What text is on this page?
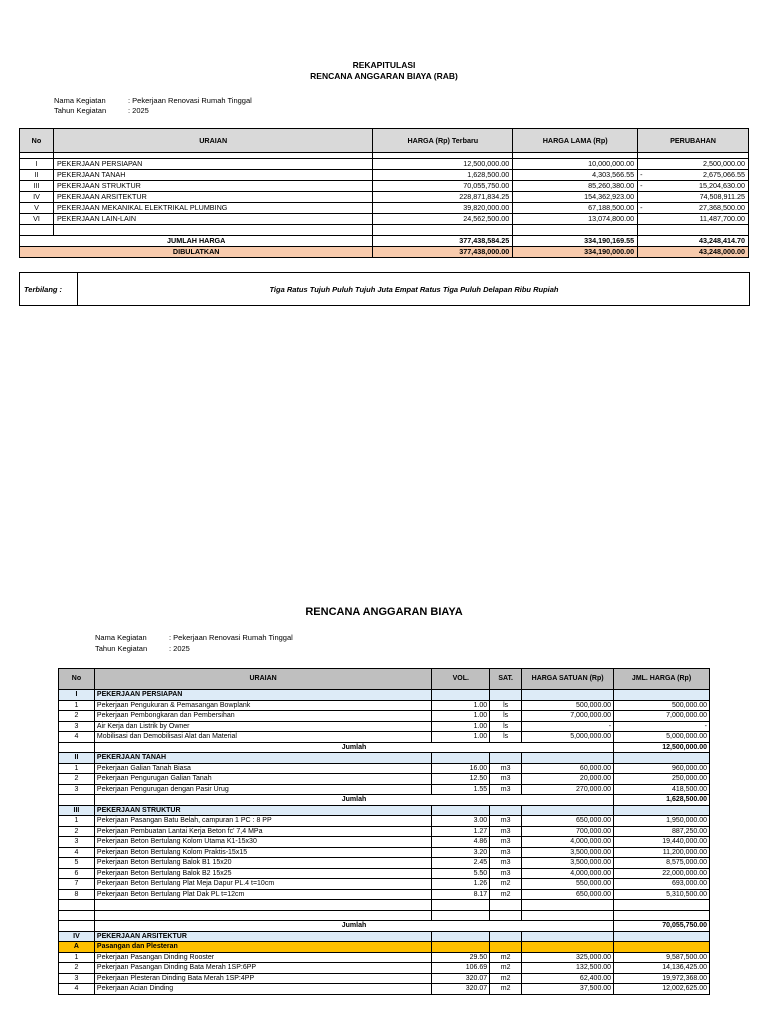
REKAPITULASI
RENCANA ANGGARAN BIAYA (RAB)
Nama Kegiatan	: Pekerjaan Renovasi Rumah Tinggal
Tahun Kegiatan	: 2025
No	URAIAN	HARGA (Rp) Terbaru	HARGA LAMA (Rp)	PERUBAHAN

I	PEKERJAAN PERSIAPAN	12,500,000.00	10,000,000.00	2,500,000.00
II	PEKERJAAN TANAH	1,628,500.00	4,303,566.55	- 2,675,066.55
III	PEKERJAAN STRUKTUR	70,055,750.00	85,260,380.00	- 15,204,630.00
IV	PEKERJAAN ARSITEKTUR	228,871,834.25	154,362,923.00	74,508,911.25
V	PEKERJAAN MEKANIKAL ELEKTRIKAL PLUMBING	39,820,000.00	67,188,500.00	- 27,368,500.00
VI	PEKERJAAN LAIN-LAIN	24,562,500.00	13,074,800.00	11,487,700.00

JUMLAH HARGA		377,438,584.25	334,190,169.55	43,248,414.70
DIBULATKAN		377,438,000.00	334,190,000.00	43,248,000.00
Terbilang :	Tiga Ratus Tujuh Puluh Tujuh Juta Empat Ratus Tiga Puluh Delapan Ribu Rupiah
RENCANA ANGGARAN BIAYA
Nama Kegiatan	: Pekerjaan Renovasi Rumah Tinggal
Tahun Kegiatan	: 2025
No	URAIAN	VOL.	SAT.	HARGA SATUAN (Rp)	JML. HARGA (Rp)
I	PEKERJAAN PERSIAPAN				
1	Pekerjaan Pengukuran & Pemasangan Bowplank	1.00	ls	500,000.00	500,000.00
2	Pekerjaan Pembongkaran dan Pembersihan	1.00	ls	7,000,000.00	7,000,000.00
3	Air Kerja dan Listrik by Owner	1.00	ls	-	-
4	Mobilisasi dan Demobilisasi Alat dan Material	1.00	ls	5,000,000.00	5,000,000.00
	Jumlah				12,500,000.00
II	PEKERJAAN TANAH				
1	Pekerjaan Galian Tanah Biasa	16.00	m3	60,000.00	960,000.00
2	Pekerjaan Pengurugan Galian Tanah	12.50	m3	20,000.00	250,000.00
3	Pekerjaan Pengurugan dengan Pasir Urug	1.55	m3	270,000.00	418,500.00
	Jumlah				1,628,500.00
III	PEKERJAAN STRUKTUR				
1	Pekerjaan Pasangan Batu Belah, campuran 1 PC : 8 PP	3.00	m3	650,000.00	1,950,000.00
2	Pekerjaan Pembuatan Lantai Kerja Beton fc' 7,4 MPa	1.27	m3	700,000.00	887,250.00
3	Pekerjaan Beton Bertulang Kolom Utama K1-15x30	4.86	m3	4,000,000.00	19,440,000.00
4	Pekerjaan Beton Bertulang Kolom Praktis-15x15	3.20	m3	3,500,000.00	11,200,000.00
5	Pekerjaan Beton Bertulang Balok B1 15x20	2.45	m3	3,500,000.00	8,575,000.00
6	Pekerjaan Beton Bertulang Balok B2 15x25	5.50	m3	4,000,000.00	22,000,000.00
7	Pekerjaan Beton Bertulang Plat Meja Dapur PL.4 t=10cm	1.26	m2	550,000.00	693,000.00
8	Pekerjaan Beton Bertulang Plat Dak PL t=12cm	8.17	m2	650,000.00	5,310,500.00

	Jumlah				70,055,750.00
IV	PEKERJAAN ARSITEKTUR				
A	Pasangan dan Plesteran				
1	Pekerjaan Pasangan Dinding Rooster	29.50	m2	325,000.00	9,587,500.00
2	Pekerjaan Pasangan Dinding Bata Merah 1SP:6PP	106.69	m2	132,500.00	14,136,425.00
3	Pekerjaan Plesteran Dinding Bata Merah 1SP:4PP	320.07	m2	62,400.00	19,972,368.00
4	Pekerjaan Acian Dinding	320.07	m2	37,500.00	12,002,625.00
